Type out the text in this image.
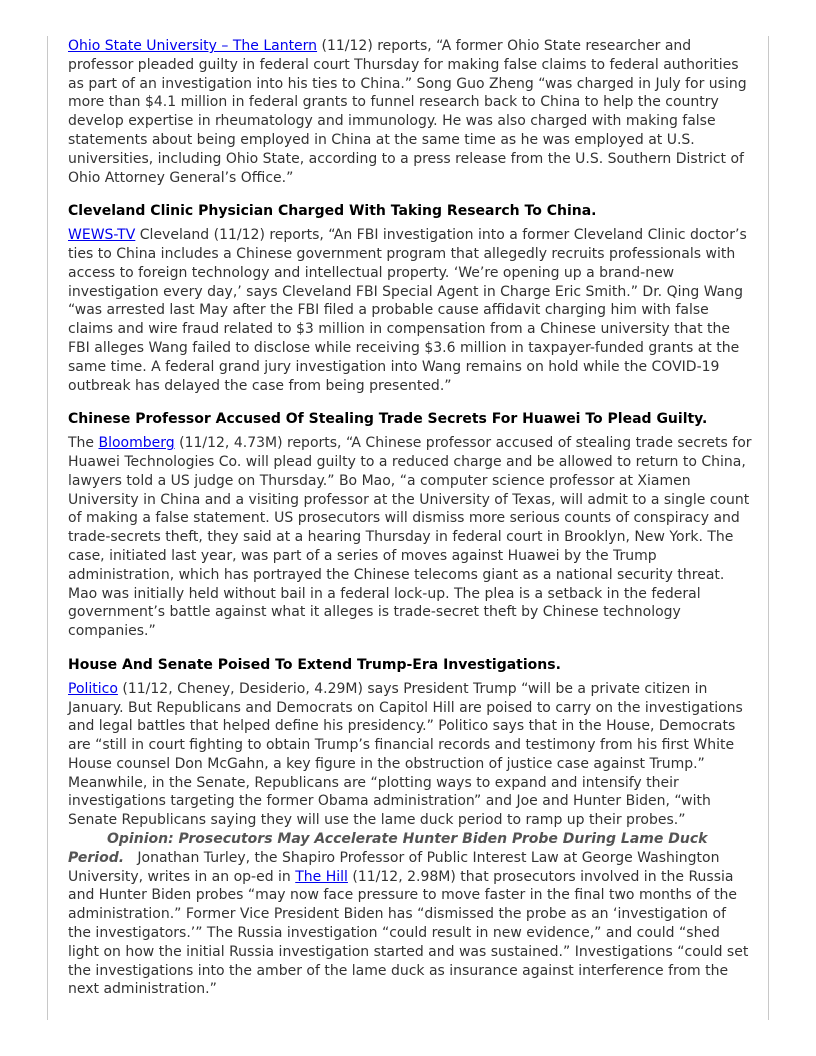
Ohio State University – The Lantern (11/12) reports, “A former Ohio State researcher and professor pleaded guilty in federal court Thursday for making false claims to federal authorities as part of an investigation into his ties to China.” Song Guo Zheng “was charged in July for using more than $4.1 million in federal grants to funnel research back to China to help the country develop expertise in rheumatology and immunology. He was also charged with making false statements about being employed in China at the same time as he was employed at U.S. universities, including Ohio State, according to a press release from the U.S. Southern District of Ohio Attorney General’s Office.”

Cleveland Clinic Physician Charged With Taking Research To China.

WEWS-TV Cleveland (11/12) reports, “An FBI investigation into a former Cleveland Clinic doctor’s ties to China includes a Chinese government program that allegedly recruits professionals with access to foreign technology and intellectual property. ‘We’re opening up a brand-new investigation every day,’ says Cleveland FBI Special Agent in Charge Eric Smith.” Dr. Qing Wang “was arrested last May after the FBI filed a probable cause affidavit charging him with false claims and wire fraud related to $3 million in compensation from a Chinese university that the FBI alleges Wang failed to disclose while receiving $3.6 million in taxpayer-funded grants at the same time. A federal grand jury investigation into Wang remains on hold while the COVID-19 outbreak has delayed the case from being presented.”

Chinese Professor Accused Of Stealing Trade Secrets For Huawei To Plead Guilty.

The Bloomberg (11/12, 4.73M) reports, “A Chinese professor accused of stealing trade secrets for Huawei Technologies Co. will plead guilty to a reduced charge and be allowed to return to China, lawyers told a US judge on Thursday.” Bo Mao, “a computer science professor at Xiamen University in China and a visiting professor at the University of Texas, will admit to a single count of making a false statement. US prosecutors will dismiss more serious counts of conspiracy and trade-secrets theft, they said at a hearing Thursday in federal court in Brooklyn, New York. The case, initiated last year, was part of a series of moves against Huawei by the Trump administration, which has portrayed the Chinese telecoms giant as a national security threat. Mao was initially held without bail in a federal lock-up. The plea is a setback in the federal government’s battle against what it alleges is trade-secret theft by Chinese technology companies.”

House And Senate Poised To Extend Trump-Era Investigations.

Politico (11/12, Cheney, Desiderio, 4.29M) says President Trump “will be a private citizen in January. But Republicans and Democrats on Capitol Hill are poised to carry on the investigations and legal battles that helped define his presidency.” Politico says that in the House, Democrats are “still in court fighting to obtain Trump’s financial records and testimony from his first White House counsel Don McGahn, a key figure in the obstruction of justice case against Trump.” Meanwhile, in the Senate, Republicans are “plotting ways to expand and intensify their investigations targeting the former Obama administration” and Joe and Hunter Biden, “with Senate Republicans saying they will use the lame duck period to ramp up their probes.”

Opinion: Prosecutors May Accelerate Hunter Biden Probe During Lame Duck Period.   Jonathan Turley, the Shapiro Professor of Public Interest Law at George Washington University, writes in an op-ed in The Hill (11/12, 2.98M) that prosecutors involved in the Russia and Hunter Biden probes “may now face pressure to move faster in the final two months of the administration.” Former Vice President Biden has “dismissed the probe as an ‘investigation of the investigators.’” The Russia investigation “could result in new evidence,” and could “shed light on how the initial Russia investigation started and was sustained.” Investigations “could set the investigations into the amber of the lame duck as insurance against interference from the next administration.”
